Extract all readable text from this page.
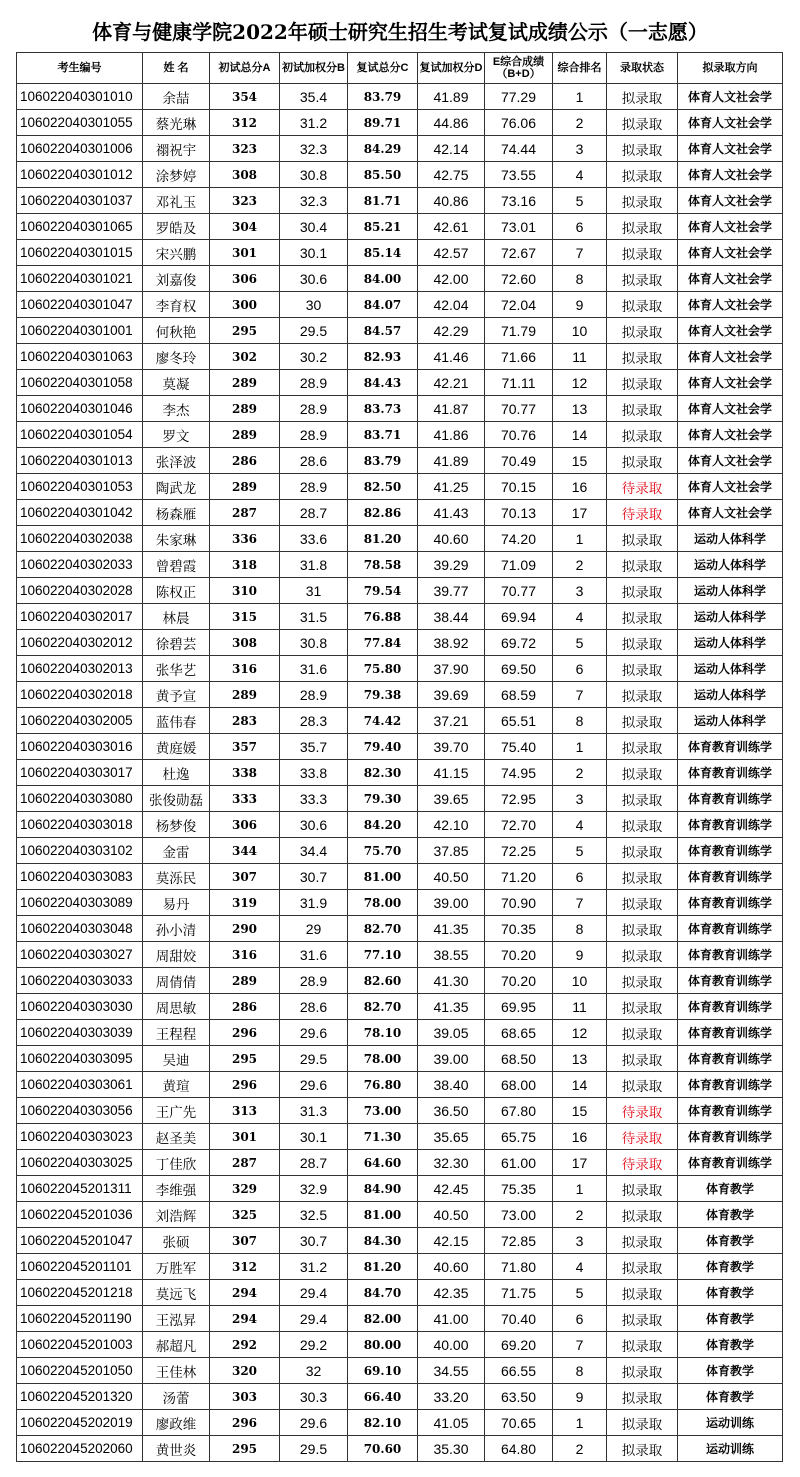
体育与健康学院2022年硕士研究生招生考试复试成绩公示（一志愿）
考生编号	姓 名	初试总分A	初试加权分B	复试总分C	复试加权分D	E综合成绩（B+D）	综合排名	录取状态	拟录取方向
106022040301010	余喆	354	35.4	83.79	41.89	77.29	1	拟录取	体育人文社会学
106022040301055	蔡光琳	312	31.2	89.71	44.86	76.06	2	拟录取	体育人文社会学
106022040301006	禤祝宇	323	32.3	84.29	42.14	74.44	3	拟录取	体育人文社会学
106022040301012	涂梦婷	308	30.8	85.50	42.75	73.55	4	拟录取	体育人文社会学
106022040301037	邓礼玉	323	32.3	81.71	40.86	73.16	5	拟录取	体育人文社会学
106022040301065	罗皓及	304	30.4	85.21	42.61	73.01	6	拟录取	体育人文社会学
106022040301015	宋兴鹏	301	30.1	85.14	42.57	72.67	7	拟录取	体育人文社会学
106022040301021	刘嘉俊	306	30.6	84.00	42.00	72.60	8	拟录取	体育人文社会学
106022040301047	李育权	300	30	84.07	42.04	72.04	9	拟录取	体育人文社会学
106022040301001	何秋艳	295	29.5	84.57	42.29	71.79	10	拟录取	体育人文社会学
106022040301063	廖冬玲	302	30.2	82.93	41.46	71.66	11	拟录取	体育人文社会学
106022040301058	莫凝	289	28.9	84.43	42.21	71.11	12	拟录取	体育人文社会学
106022040301046	李杰	289	28.9	83.73	41.87	70.77	13	拟录取	体育人文社会学
106022040301054	罗文	289	28.9	83.71	41.86	70.76	14	拟录取	体育人文社会学
106022040301013	张泽波	286	28.6	83.79	41.89	70.49	15	拟录取	体育人文社会学
106022040301053	陶武龙	289	28.9	82.50	41.25	70.15	16	待录取	体育人文社会学
106022040301042	杨森雁	287	28.7	82.86	41.43	70.13	17	待录取	体育人文社会学
106022040302038	朱家琳	336	33.6	81.20	40.60	74.20	1	拟录取	运动人体科学
106022040302033	曾碧霞	318	31.8	78.58	39.29	71.09	2	拟录取	运动人体科学
106022040302028	陈权正	310	31	79.54	39.77	70.77	3	拟录取	运动人体科学
106022040302017	林晨	315	31.5	76.88	38.44	69.94	4	拟录取	运动人体科学
106022040302012	徐碧芸	308	30.8	77.84	38.92	69.72	5	拟录取	运动人体科学
106022040302013	张华艺	316	31.6	75.80	37.90	69.50	6	拟录取	运动人体科学
106022040302018	黄予宣	289	28.9	79.38	39.69	68.59	7	拟录取	运动人体科学
106022040302005	蓝伟春	283	28.3	74.42	37.21	65.51	8	拟录取	运动人体科学
106022040303016	黄庭媛	357	35.7	79.40	39.70	75.40	1	拟录取	体育教育训练学
106022040303017	杜逸	338	33.8	82.30	41.15	74.95	2	拟录取	体育教育训练学
106022040303080	张俊勋磊	333	33.3	79.30	39.65	72.95	3	拟录取	体育教育训练学
106022040303018	杨梦俊	306	30.6	84.20	42.10	72.70	4	拟录取	体育教育训练学
106022040303102	金雷	344	34.4	75.70	37.85	72.25	5	拟录取	体育教育训练学
106022040303083	莫泺民	307	30.7	81.00	40.50	71.20	6	拟录取	体育教育训练学
106022040303089	易丹	319	31.9	78.00	39.00	70.90	7	拟录取	体育教育训练学
106022040303048	孙小清	290	29	82.70	41.35	70.35	8	拟录取	体育教育训练学
106022040303027	周甜姣	316	31.6	77.10	38.55	70.20	9	拟录取	体育教育训练学
106022040303033	周倩倩	289	28.9	82.60	41.30	70.20	10	拟录取	体育教育训练学
106022040303030	周思敏	286	28.6	82.70	41.35	69.95	11	拟录取	体育教育训练学
106022040303039	王程程	296	29.6	78.10	39.05	68.65	12	拟录取	体育教育训练学
106022040303095	吴迪	295	29.5	78.00	39.00	68.50	13	拟录取	体育教育训练学
106022040303061	黄瑄	296	29.6	76.80	38.40	68.00	14	拟录取	体育教育训练学
106022040303056	王广先	313	31.3	73.00	36.50	67.80	15	待录取	体育教育训练学
106022040303023	赵圣美	301	30.1	71.30	35.65	65.75	16	待录取	体育教育训练学
106022040303025	丁佳欣	287	28.7	64.60	32.30	61.00	17	待录取	体育教育训练学
106022045201311	李维强	329	32.9	84.90	42.45	75.35	1	拟录取	体育教学
106022045201036	刘浩辉	325	32.5	81.00	40.50	73.00	2	拟录取	体育教学
106022045201047	张硕	307	30.7	84.30	42.15	72.85	3	拟录取	体育教学
106022045201101	万胜军	312	31.2	81.20	40.60	71.80	4	拟录取	体育教学
106022045201218	莫远飞	294	29.4	84.70	42.35	71.75	5	拟录取	体育教学
106022045201190	王泓昇	294	29.4	82.00	41.00	70.40	6	拟录取	体育教学
106022045201003	郝超凡	292	29.2	80.00	40.00	69.20	7	拟录取	体育教学
106022045201050	王佳林	320	32	69.10	34.55	66.55	8	拟录取	体育教学
106022045201320	汤蕾	303	30.3	66.40	33.20	63.50	9	拟录取	体育教学
106022045202019	廖政维	296	29.6	82.10	41.05	70.65	1	拟录取	运动训练
106022045202060	黄世炎	295	29.5	70.60	35.30	64.80	2	拟录取	运动训练
